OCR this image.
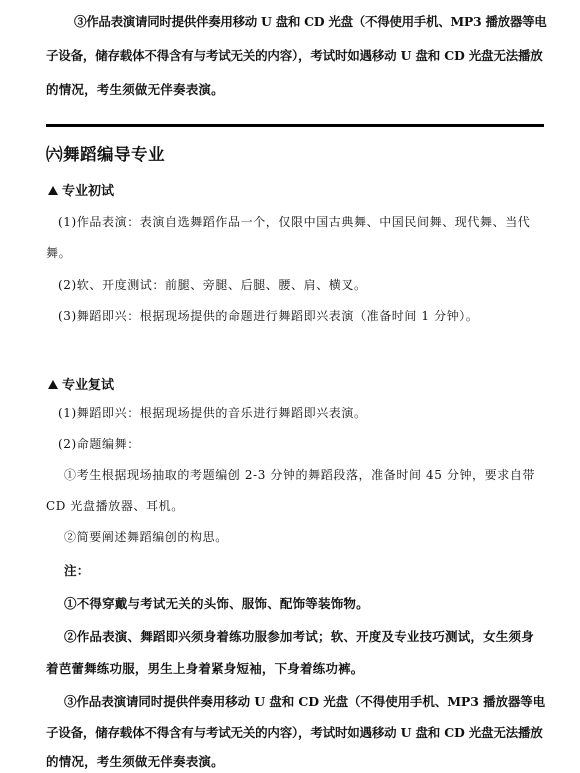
③作品表演请同时提供伴奏用移动 U 盘和 CD 光盘（不得使用手机、MP3 播放器等电

子设备，储存载体不得含有与考试无关的内容），考试时如遇移动 U 盘和 CD 光盘无法播放

的情况，考生须做无伴奏表演。

㈥舞蹈编导专业

专业初试

(1)作品表演：表演自选舞蹈作品一个，仅限中国古典舞、中国民间舞、现代舞、当代

舞。

(2)软、开度测试：前腿、旁腿、后腿、腰、肩、横叉。

(3)舞蹈即兴：根据现场提供的命题进行舞蹈即兴表演（准备时间 1 分钟）。

专业复试

(1)舞蹈即兴：根据现场提供的音乐进行舞蹈即兴表演。

(2)命题编舞：

①考生根据现场抽取的考题编创 2-3 分钟的舞蹈段落，准备时间 45 分钟，要求自带

CD 光盘播放器、耳机。

②简要阐述舞蹈编创的构思。

注：

①不得穿戴与考试无关的头饰、服饰、配饰等装饰物。

②作品表演、舞蹈即兴须身着练功服参加考试；软、开度及专业技巧测试，女生须身

着芭蕾舞练功服，男生上身着紧身短袖，下身着练功裤。

③作品表演请同时提供伴奏用移动 U 盘和 CD 光盘（不得使用手机、MP3 播放器等电

子设备，储存载体不得含有与考试无关的内容），考试时如遇移动 U 盘和 CD 光盘无法播放

的情况，考生须做无伴奏表演。
